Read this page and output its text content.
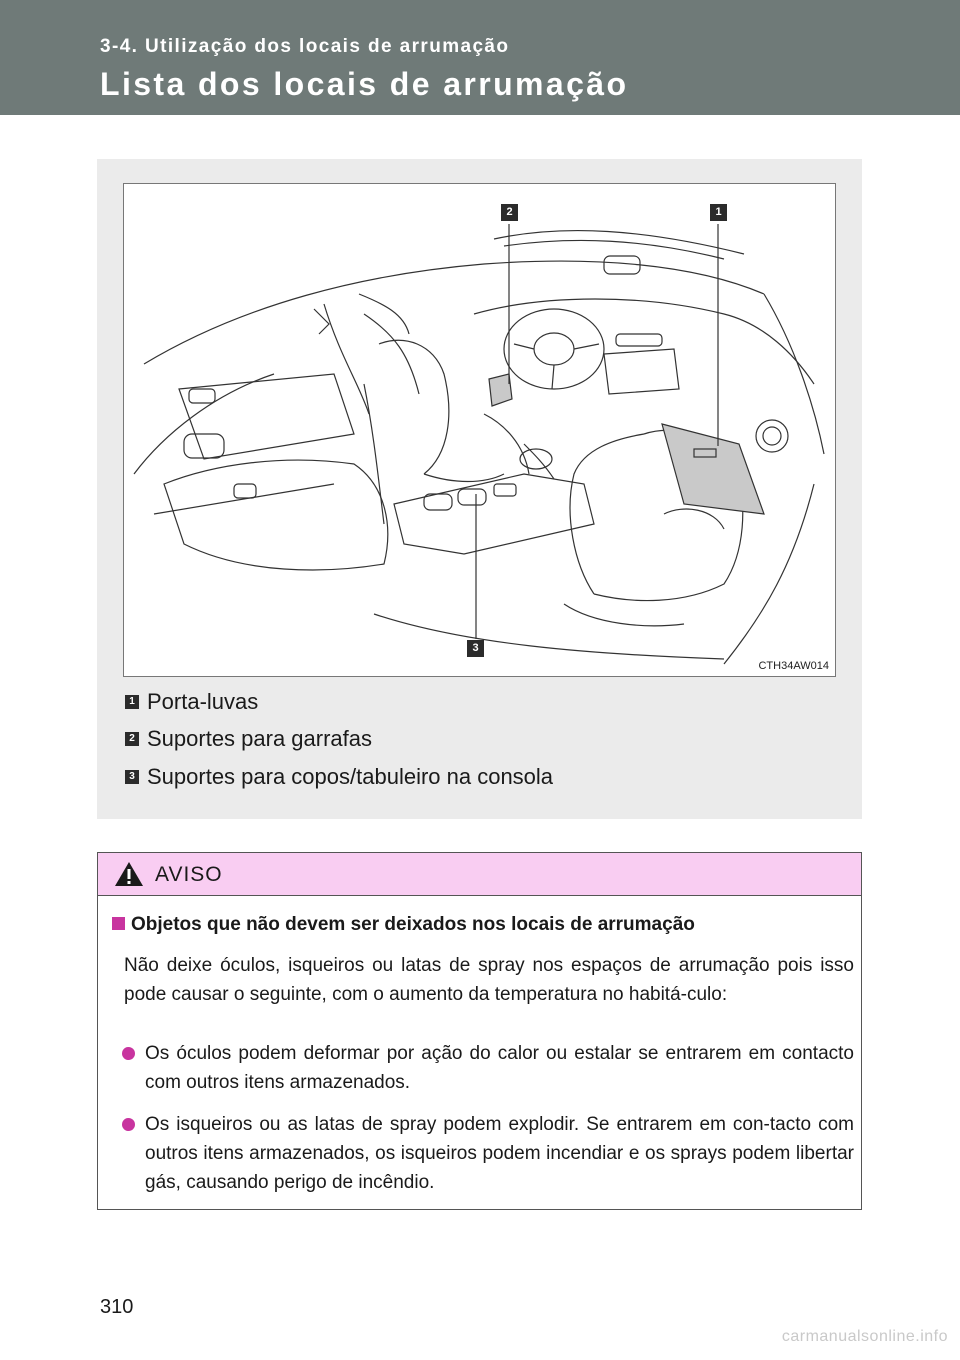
3-4. Utilização dos locais de arrumação
Lista dos locais de arrumação
2	1
3
CTH34AW014
1 Porta-luvas
2 Suportes para garrafas
3 Suportes para copos/tabuleiro na consola
AVISO
Objetos que não devem ser deixados nos locais de arrumação
Não deixe óculos, isqueiros ou latas de spray nos espaços de arrumação pois isso pode causar o seguinte, com o aumento da temperatura no habitá-culo:
Os óculos podem deformar por ação do calor ou estalar se entrarem em contacto com outros itens armazenados.
Os isqueiros ou as latas de spray podem explodir. Se entrarem em con-tacto com outros itens armazenados, os isqueiros podem incendiar e os sprays podem libertar gás, causando perigo de incêndio.
310
carmanualsonline.info
